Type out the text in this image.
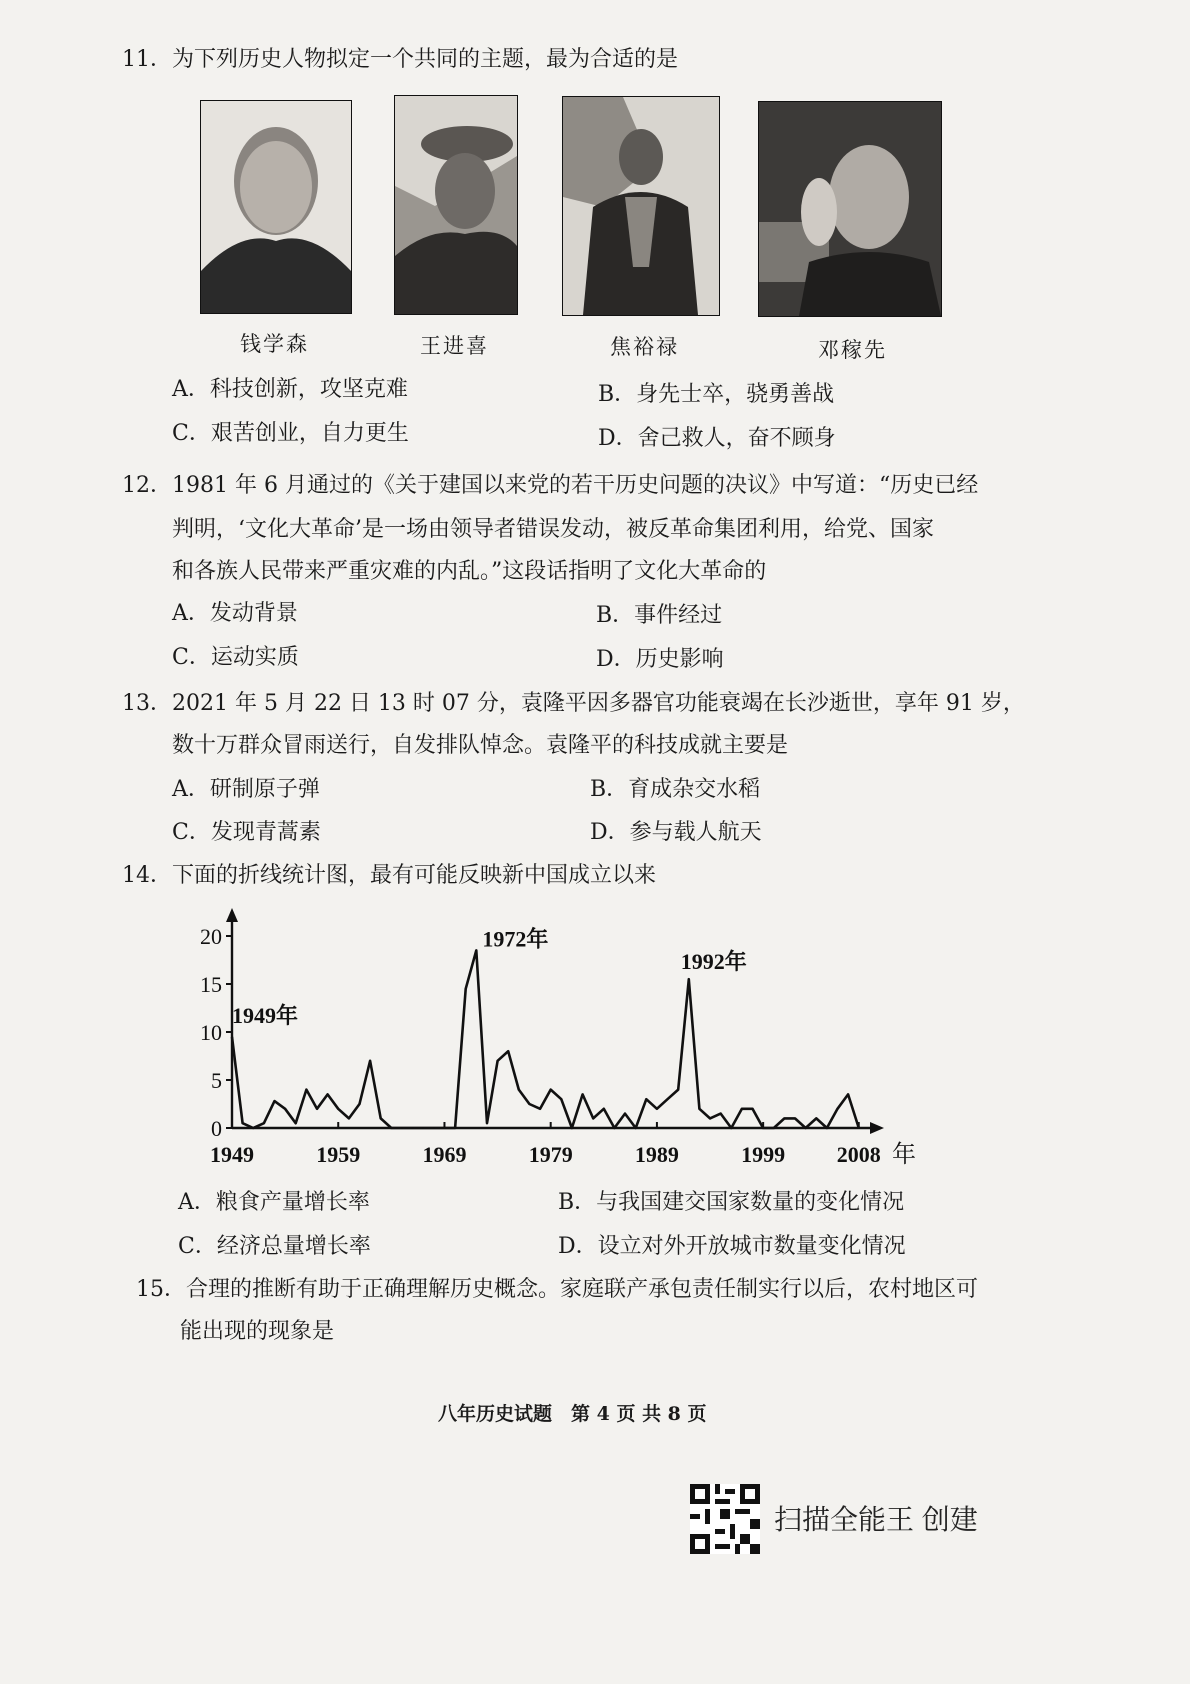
11．为下列历史人物拟定一个共同的主题，最为合适的是
钱学森	王进喜	焦裕禄	邓稼先
A．科技创新，攻坚克难	B．身先士卒，骁勇善战
C．艰苦创业，自力更生	D．舍己救人，奋不顾身
12．1981 年 6 月通过的《关于建国以来党的若干历史问题的决议》中写道：“历史已经
判明，‘文化大革命’是一场由领导者错误发动，被反革命集团利用，给党、国家
和各族人民带来严重灾难的内乱。”这段话指明了文化大革命的
A．发动背景	B．事件经过
C．运动实质	D．历史影响
13．2021 年 5 月 22 日 13 时 07 分，袁隆平因多器官功能衰竭在长沙逝世，享年 91 岁，
数十万群众冒雨送行，自发排队悼念。袁隆平的科技成就主要是
A．研制原子弹	B．育成杂交水稻
C．发现青蒿素	D．参与载人航天
14．下面的折线统计图，最有可能反映新中国成立以来
0
5
10
15
20
1949	1959	1969	1979	1989	1999 2008 年
1949年
1972年
1992年
A．粮食产量增长率	B．与我国建交国家数量的变化情况
C．经济总量增长率	D．设立对外开放城市数量变化情况
15．合理的推断有助于正确理解历史概念。家庭联产承包责任制实行以后，农村地区可
能出现的现象是
八年历史试题　第 4 页 共 8 页
扫描全能王 创建
